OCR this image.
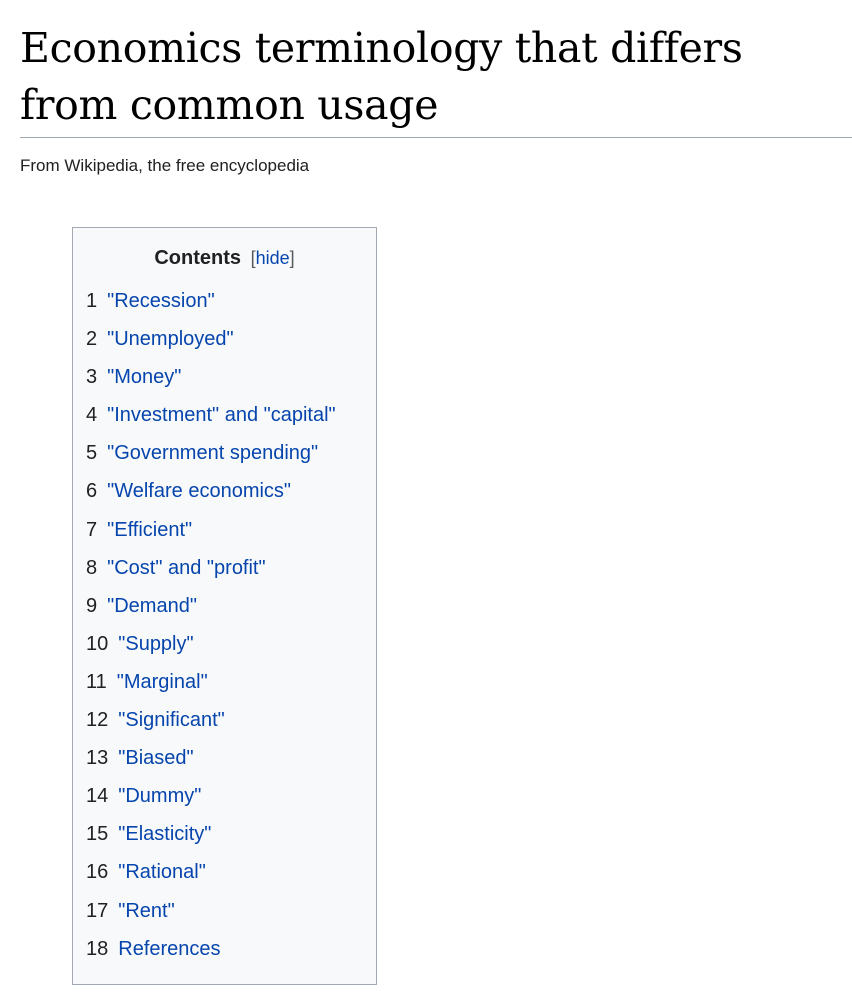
Economics terminology that differs from common usage
From Wikipedia, the free encyclopedia
Contents [hide]
1 "Recession"
2 "Unemployed"
3 "Money"
4 "Investment" and "capital"
5 "Government spending"
6 "Welfare economics"
7 "Efficient"
8 "Cost" and "profit"
9 "Demand"
10 "Supply"
11 "Marginal"
12 "Significant"
13 "Biased"
14 "Dummy"
15 "Elasticity"
16 "Rational"
17 "Rent"
18 References
